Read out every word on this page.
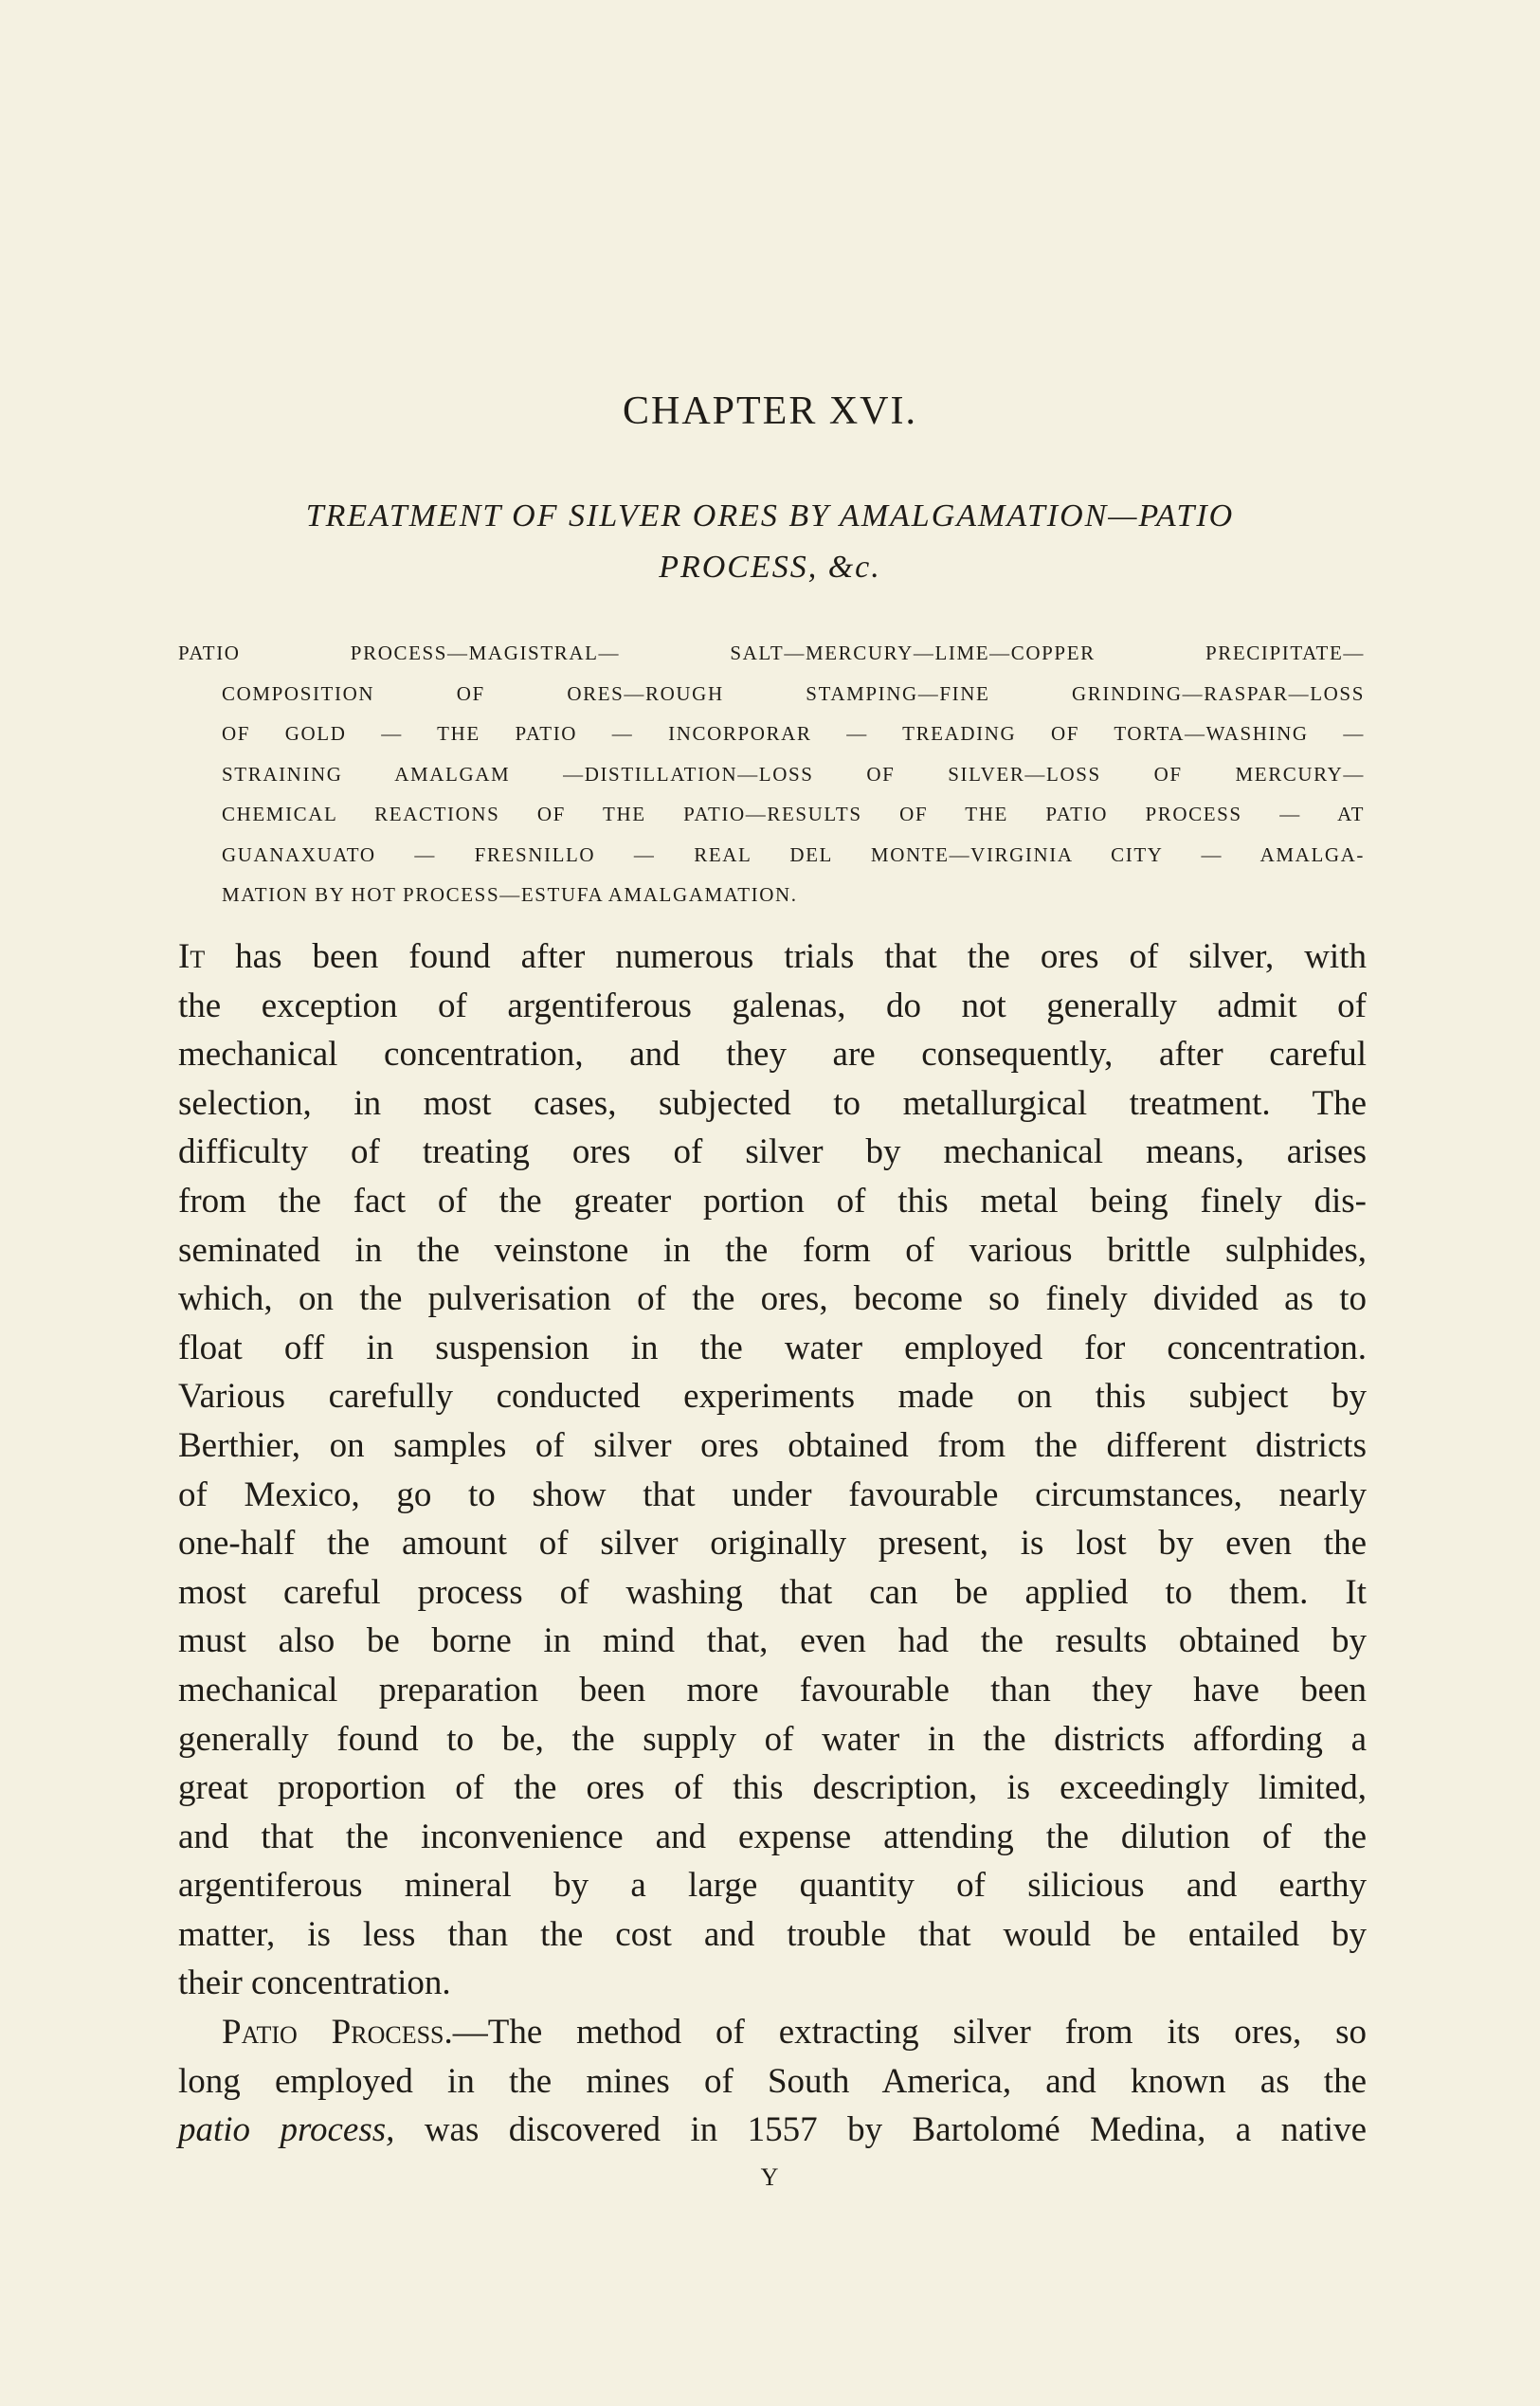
CHAPTER XVI.
TREATMENT OF SILVER ORES BY AMALGAMATION—PATIO
PROCESS, &c.
PATIO PROCESS—MAGISTRAL— SALT—MERCURY—LIME—COPPER PRECIPITATE—
COMPOSITION OF ORES—ROUGH STAMPING—FINE GRINDING—RASPAR—LOSS
OF GOLD — THE PATIO — INCORPORAR — TREADING OF TORTA—WASHING —
STRAINING AMALGAM —DISTILLATION—LOSS OF SILVER—LOSS OF MERCURY—
CHEMICAL REACTIONS OF THE PATIO—RESULTS OF THE PATIO PROCESS — AT
GUANAXUATO — FRESNILLO — REAL DEL MONTE—VIRGINIA CITY — AMALGA-
MATION BY HOT PROCESS—ESTUFA AMALGAMATION.
It has been found after numerous trials that the ores of silver, with
the exception of argentiferous galenas, do not generally admit of
mechanical concentration, and they are consequently, after careful
selection, in most cases, subjected to metallurgical treatment. The
difficulty of treating ores of silver by mechanical means, arises
from the fact of the greater portion of this metal being finely dis-
seminated in the veinstone in the form of various brittle sulphides,
which, on the pulverisation of the ores, become so finely divided as to
float off in suspension in the water employed for concentration.
Various carefully conducted experiments made on this subject by
Berthier, on samples of silver ores obtained from the different districts
of Mexico, go to show that under favourable circumstances, nearly
one-half the amount of silver originally present, is lost by even the
most careful process of washing that can be applied to them. It
must also be borne in mind that, even had the results obtained by
mechanical preparation been more favourable than they have been
generally found to be, the supply of water in the districts affording a
great proportion of the ores of this description, is exceedingly limited,
and that the inconvenience and expense attending the dilution of the
argentiferous mineral by a large quantity of silicious and earthy
matter, is less than the cost and trouble that would be entailed by
their concentration.
Patio Process.—The method of extracting silver from its ores, so
long employed in the mines of South America, and known as the
patio process, was discovered in 1557 by Bartolomé Medina, a native
Y
